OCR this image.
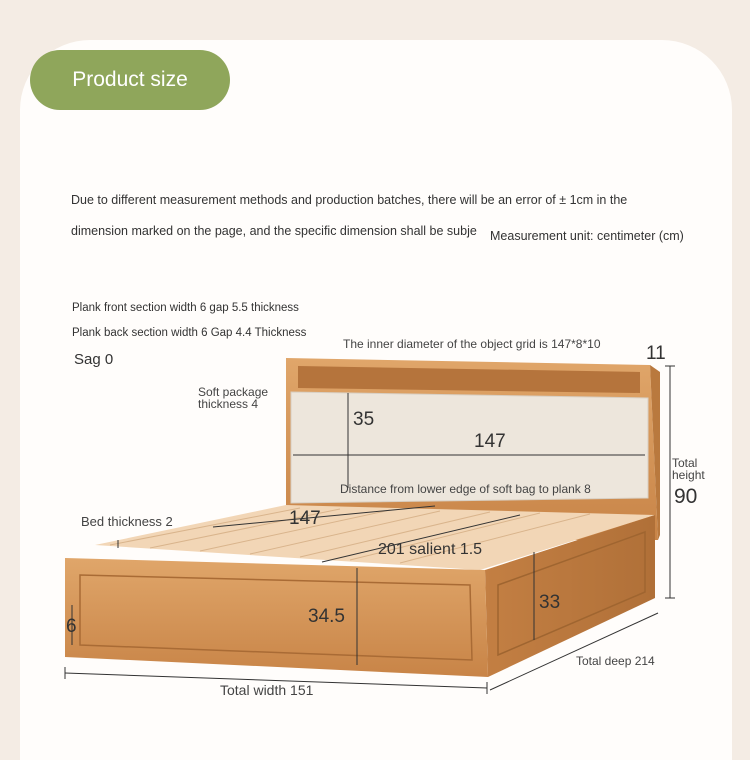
Product size
Due to different measurement methods and production batches, there will be an error of ± 1cm in the
dimension marked on the page, and the specific dimension shall be subje Measurement unit: centimeter (cm)
Plank front section width 6 gap 5.5 thickness
Plank back section width 6 Gap 4.4 Thickness
Sag 0
The inner diameter of the object grid is 147*8*10 11
Soft package
thickness 4
35
147
Total
height
90
Distance from lower edge of soft bag to plank 8
Bed thickness 2	147
201 salient 1.5
34.5
33
6
Total deep 214
Total width 151
